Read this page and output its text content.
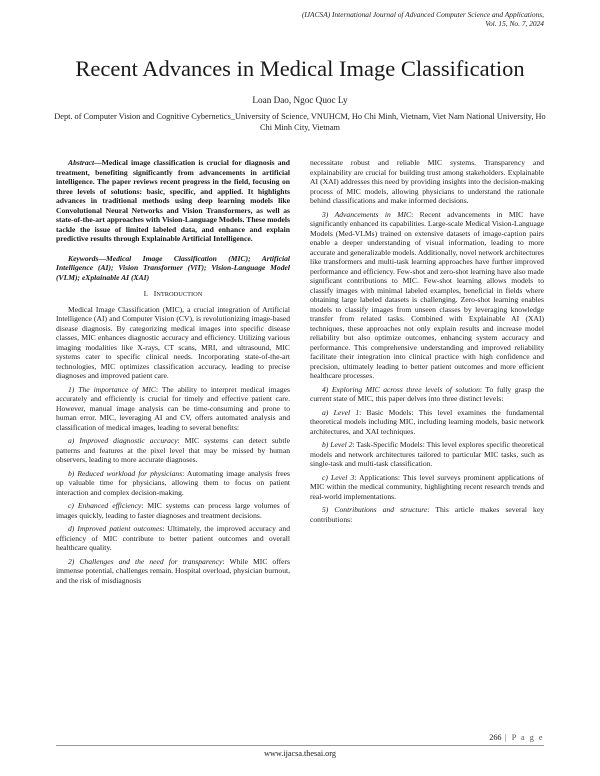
(IJACSA) International Journal of Advanced Computer Science and Applications,
Vol. 15, No. 7, 2024
Recent Advances in Medical Image Classification
Loan Dao, Ngoc Quoc Ly
Dept. of Computer Vision and Cognitive Cybernetics_University of Science, VNUHCM, Ho Chi Minh, Vietnam, Viet Nam National University, Ho Chi Minh City, Vietnam

Abstract—Medical image classification is crucial for diagnosis and treatment, benefiting significantly from advancements in artificial intelligence. The paper reviews recent progress in the field, focusing on three levels of solutions: basic, specific, and applied. It highlights advances in traditional methods using deep learning models like Convolutional Neural Networks and Vision Transformers, as well as state-of-the-art approaches with Vision-Language Models. These models tackle the issue of limited labeled data, and enhance and explain predictive results through Explainable Artificial Intelligence.

Keywords—Medical Image Classification (MIC); Artificial Intelligence (AI); Vision Transformer (ViT); Vision-Language Model (VLM); eXplainable AI (XAI)

I. INTRODUCTION

Medical Image Classification (MIC), a crucial integration of Artificial Intelligence (AI) and Computer Vision (CV), is revolutionizing image-based disease diagnosis. By categorizing medical images into specific disease classes, MIC enhances diagnostic accuracy and efficiency. Utilizing various imaging modalities like X-rays, CT scans, MRI, and ultrasound, MIC systems cater to specific clinical needs. Incorporating state-of-the-art technologies, MIC optimizes classification accuracy, leading to precise diagnoses and improved patient care.

1) The importance of MIC: The ability to interpret medical images accurately and efficiently is crucial for timely and effective patient care. However, manual image analysis can be time-consuming and prone to human error. MIC, leveraging AI and CV, offers automated analysis and classification of medical images, leading to several benefits:

a) Improved diagnostic accuracy: MIC systems can detect subtle patterns and features at the pixel level that may be missed by human observers, leading to more accurate diagnoses.

b) Reduced workload for physicians: Automating image analysis frees up valuable time for physicians, allowing them to focus on patient interaction and complex decision-making.

c) Enhanced efficiency: MIC systems can process large volumes of images quickly, leading to faster diagnoses and treatment decisions.

d) Improved patient outcomes: Ultimately, the improved accuracy and efficiency of MIC contribute to better patient outcomes and overall healthcare quality.

2) Challenges and the need for transparency: While MIC offers immense potential, challenges remain. Hospital overload, physician burnout, and the risk of misdiagnosis

necessitate robust and reliable MIC systems. Transparency and explainability are crucial for building trust among stakeholders. Explainable AI (XAI) addresses this need by providing insights into the decision-making process of MIC models, allowing physicians to understand the rationale behind classifications and make informed decisions.

3) Advancements in MIC: Recent advancements in MIC have significantly enhanced its capabilities. Large-scale Medical Vision-Language Models (Med-VLMs) trained on extensive datasets of image-caption pairs enable a deeper understanding of visual information, leading to more accurate and generalizable models. Additionally, novel network architectures like transformers and multi-task learning approaches have further improved performance and efficiency. Few-shot and zero-shot learning have also made significant contributions to MIC. Few-shot learning allows models to classify images with minimal labeled examples, beneficial in fields where obtaining large labeled datasets is challenging. Zero-shot learning enables models to classify images from unseen classes by leveraging knowledge transfer from related tasks. Combined with Explainable AI (XAI) techniques, these approaches not only explain results and increase model reliability but also optimize outcomes, enhancing system accuracy and performance. This comprehensive understanding and improved reliability facilitate their integration into clinical practice with high confidence and precision, ultimately leading to better patient outcomes and more efficient healthcare processes.

4) Exploring MIC across three levels of solution: To fully grasp the current state of MIC, this paper delves into three distinct levels:

a) Level 1: Basic Models: This level examines the fundamental theoretical models including MIC, including learning models, basic network architectures, and XAI techniques.

b) Level 2: Task-Specific Models: This level explores specific theoretical models and network architectures tailored to particular MIC tasks, such as single-task and multi-task classification.

c) Level 3: Applications: This level surveys prominent applications of MIC within the medical community, highlighting recent research trends and real-world implementations.

5) Contributions and structure: This article makes several key contributions:

266 | P a g e
www.ijacsa.thesai.org
